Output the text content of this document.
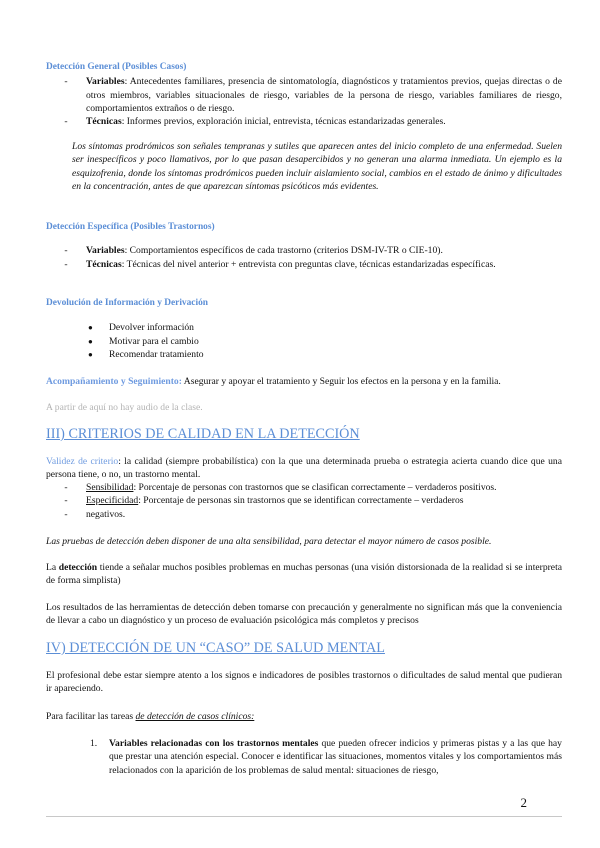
Detección General (Posibles Casos)
-	Variables: Antecedentes familiares, presencia de sintomatología, diagnósticos y tratamientos previos, quejas directas o de otros miembros, variables situacionales de riesgo, variables de la persona de riesgo, variables familiares de riesgo, comportamientos extraños o de riesgo.
-	Técnicas: Informes previos, exploración inicial, entrevista, técnicas estandarizadas generales.
Los síntomas prodrómicos son señales tempranas y sutiles que aparecen antes del inicio completo de una enfermedad. Suelen ser inespecíficos y poco llamativos, por lo que pasan desapercibidos y no generan una alarma inmediata. Un ejemplo es la esquizofrenia, donde los síntomas prodrómicos pueden incluir aislamiento social, cambios en el estado de ánimo y dificultades en la concentración, antes de que aparezcan síntomas psicóticos más evidentes.
Detección Específica (Posibles Trastornos)
-	Variables: Comportamientos específicos de cada trastorno (criterios DSM-IV-TR o CIE-10).
-	Técnicas: Técnicas del nivel anterior + entrevista con preguntas clave, técnicas estandarizadas específicas.
Devolución de Información y Derivación
● Devolver información
● Motivar para el cambio
● Recomendar tratamiento
Acompañamiento y Seguimiento: Asegurar y apoyar el tratamiento y Seguir los efectos en la persona y en la familia.
A partir de aquí no hay audio de la clase.
III) CRITERIOS DE CALIDAD EN LA DETECCIÓN
Validez de criterio: la calidad (siempre probabilística) con la que una determinada prueba o estrategia acierta cuando dice que una persona tiene, o no, un trastorno mental.
-	Sensibilidad: Porcentaje de personas con trastornos que se clasifican correctamente – verdaderos positivos.
-	Especificidad: Porcentaje de personas sin trastornos que se identifican correctamente – verdaderos
-	negativos.
Las pruebas de detección deben disponer de una alta sensibilidad, para detectar el mayor número de casos posible.
La detección tiende a señalar muchos posibles problemas en muchas personas (una visión distorsionada de la realidad si se interpreta de forma simplista)
Los resultados de las herramientas de detección deben tomarse con precaución y generalmente no significan más que la conveniencia de llevar a cabo un diagnóstico y un proceso de evaluación psicológica más completos y precisos
IV) DETECCIÓN DE UN “CASO” DE SALUD MENTAL
El profesional debe estar siempre atento a los signos e indicadores de posibles trastornos o dificultades de salud mental que pudieran ir apareciendo.
Para facilitar las tareas de detección de casos clínicos:
1. Variables relacionadas con los trastornos mentales que pueden ofrecer indicios y primeras pistas y a las que hay que prestar una atención especial. Conocer e identificar las situaciones, momentos vitales y los comportamientos más relacionados con la aparición de los problemas de salud mental: situaciones de riesgo,
2
